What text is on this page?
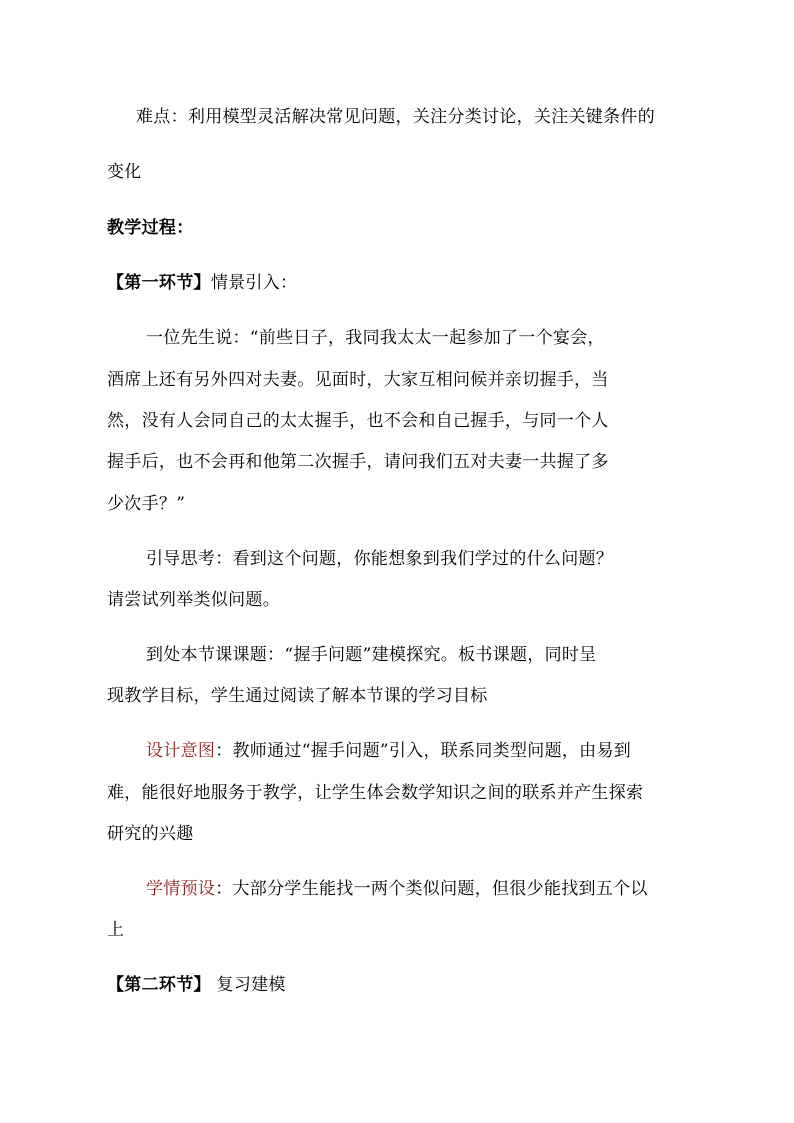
难点：利用模型灵活解决常见问题，关注分类讨论，关注关键条件的
变化
教学过程：
【第一环节】情景引入：
一位先生说：“前些日子，我同我太太一起参加了一个宴会，
酒席上还有另外四对夫妻。见面时，大家互相问候并亲切握手，当
然，没有人会同自己的太太握手，也不会和自己握手，与同一个人
握手后，也不会再和他第二次握手，请问我们五对夫妻一共握了多
少次手？”
引导思考：看到这个问题，你能想象到我们学过的什么问题？
请尝试列举类似问题。
到处本节课课题：“握手问题”建模探究。板书课题，同时呈
现教学目标，学生通过阅读了解本节课的学习目标
设计意图：教师通过“握手问题”引入，联系同类型问题，由易到
难，能很好地服务于教学，让学生体会数学知识之间的联系并产生探索
研究的兴趣
学情预设：大部分学生能找一两个类似问题，但很少能找到五个以
上
【第二环节】 复习建模
